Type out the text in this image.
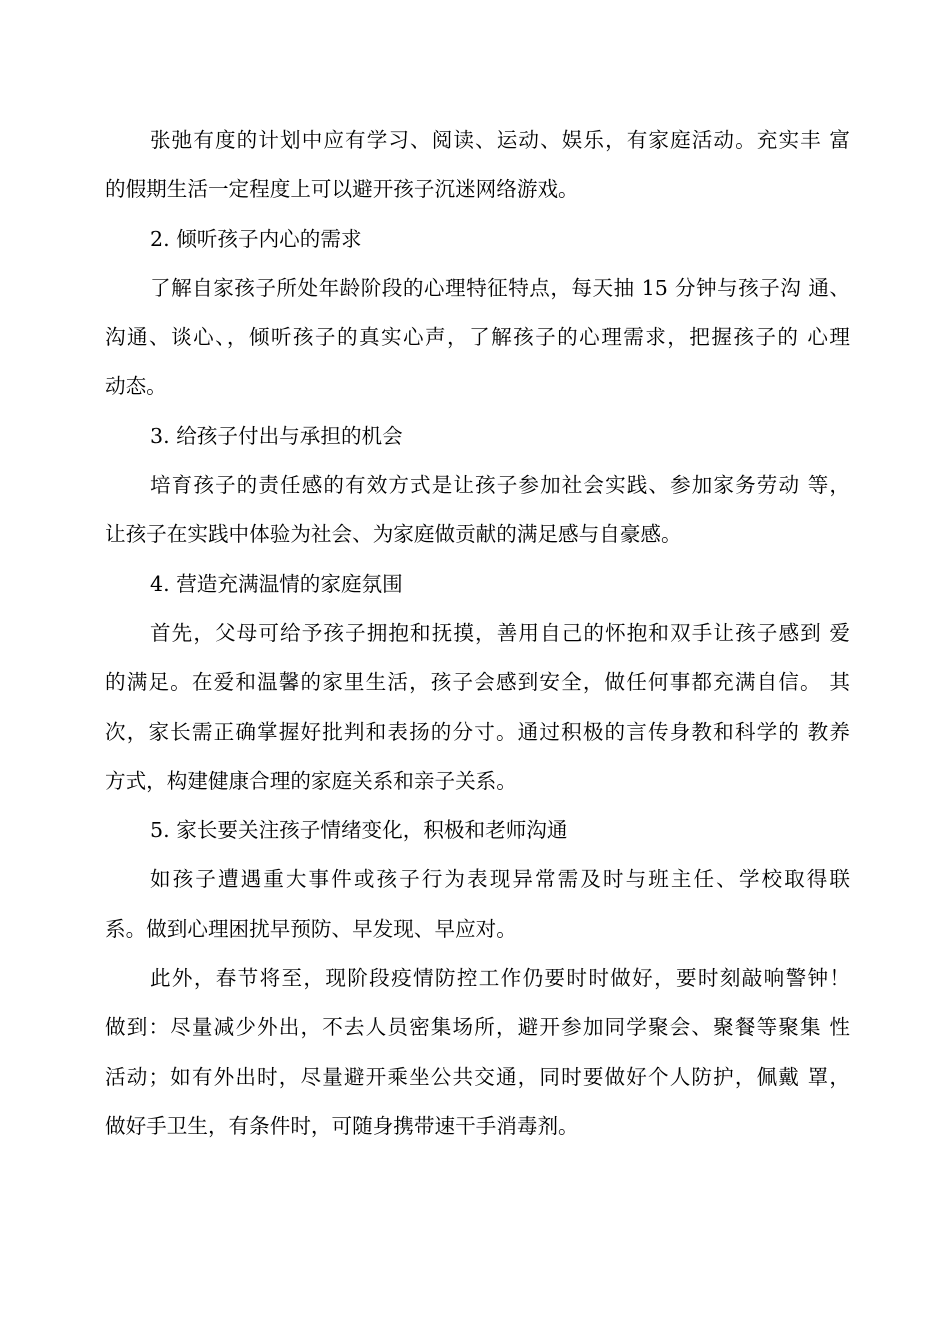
张弛有度的计划中应有学习、阅读、运动、娱乐，有家庭活动。充实丰 富
的假期生活一定程度上可以避开孩子沉迷网络游戏。
2. 倾听孩子内心的需求
了解自家孩子所处年龄阶段的心理特征特点，每天抽 15 分钟与孩子沟 通、
沟通、谈心、，倾听孩子的真实心声，了解孩子的心理需求，把握孩子的 心理
动态。
3. 给孩子付出与承担的机会
培育孩子的责任感的有效方式是让孩子参加社会实践、参加家务劳动 等，
让孩子在实践中体验为社会、为家庭做贡献的满足感与自豪感。
4. 营造充满温情的家庭氛围
首先，父母可给予孩子拥抱和抚摸，善用自己的怀抱和双手让孩子感到 爱
的满足。在爱和温馨的家里生活，孩子会感到安全，做任何事都充满自信。 其
次，家长需正确掌握好批判和表扬的分寸。通过积极的言传身教和科学的 教养
方式，构建健康合理的家庭关系和亲子关系。
5. 家长要关注孩子情绪变化，积极和老师沟通
如孩子遭遇重大事件或孩子行为表现异常需及时与班主任、学校取得联
系。做到心理困扰早预防、早发现、早应对。
此外，春节将至，现阶段疫情防控工作仍要时时做好，要时刻敲响警钟！
做到：尽量减少外出，不去人员密集场所，避开参加同学聚会、聚餐等聚集 性
活动；如有外出时，尽量避开乘坐公共交通，同时要做好个人防护，佩戴 罩，
做好手卫生，有条件时，可随身携带速干手消毒剂。
